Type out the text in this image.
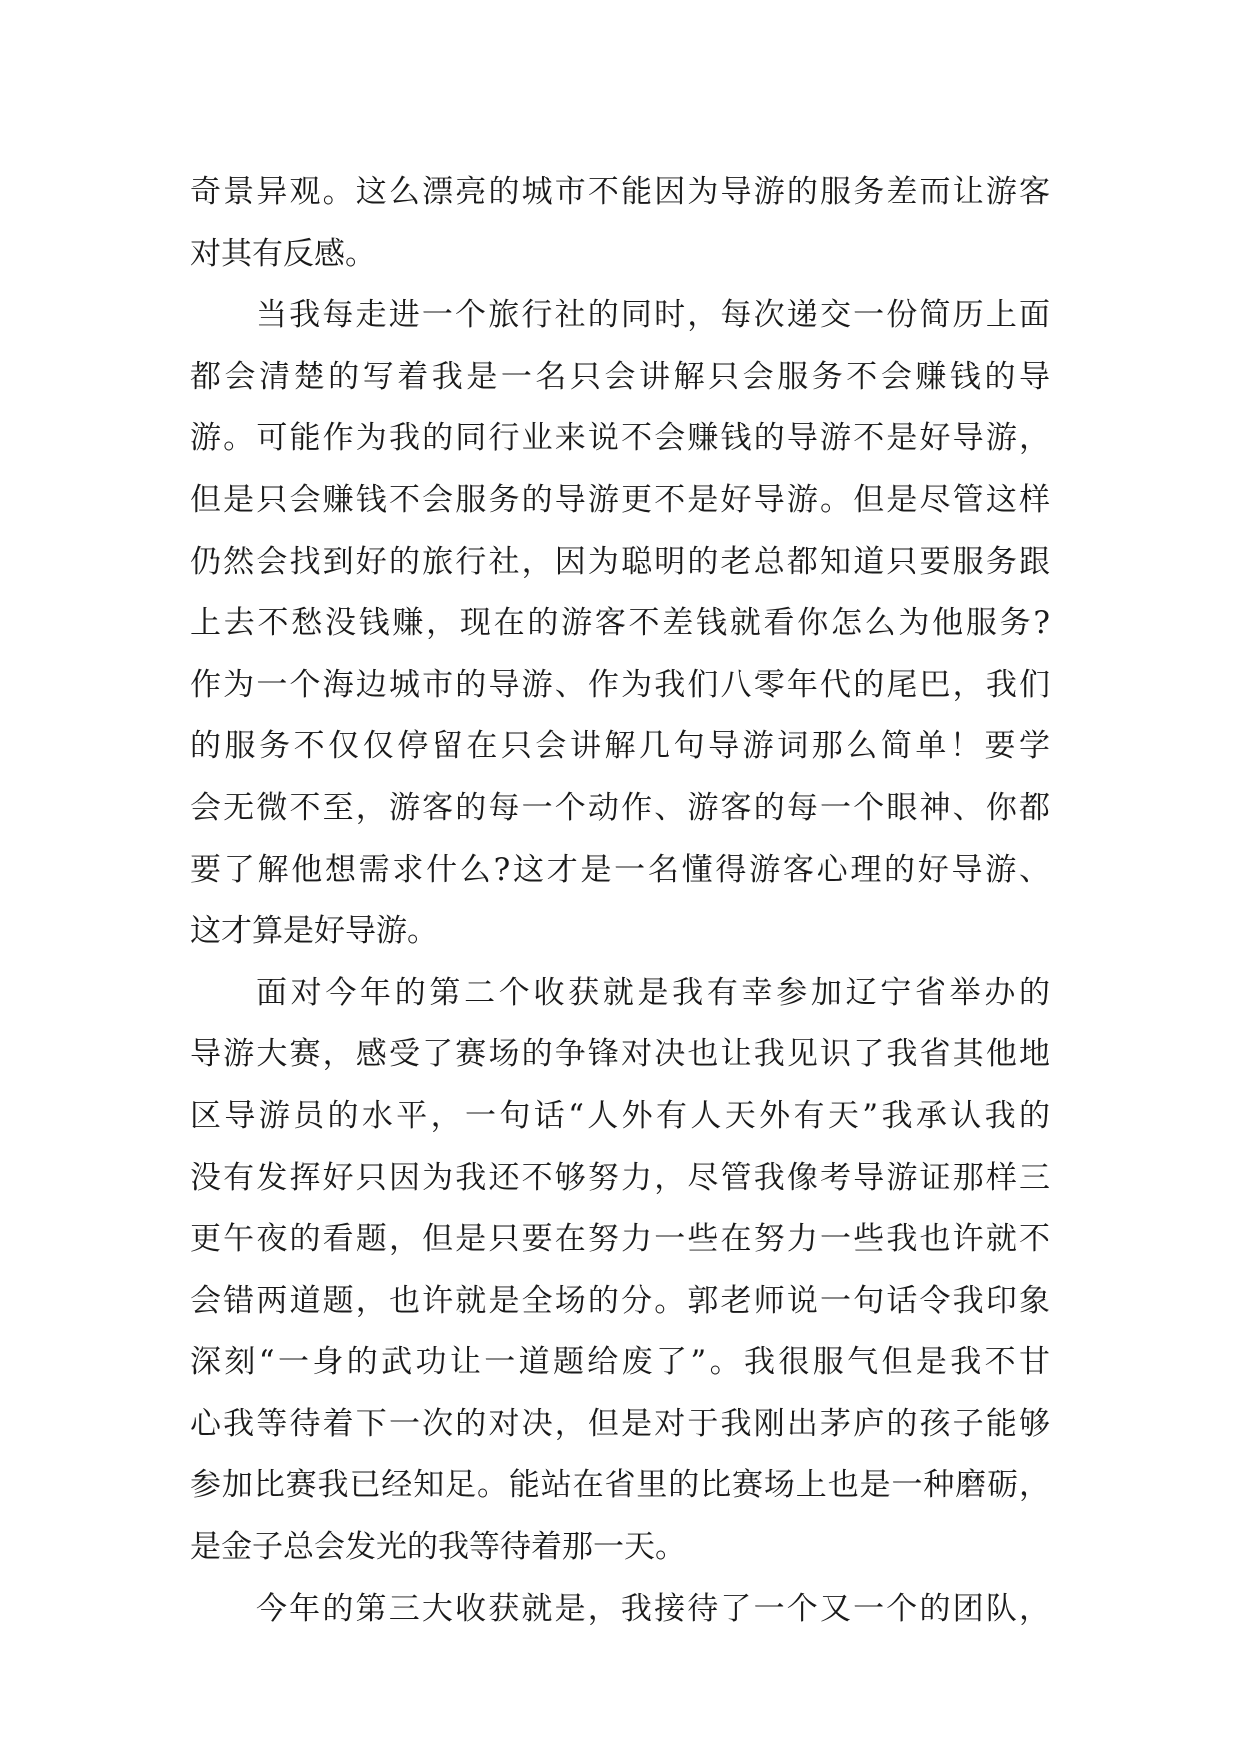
奇景异观。这么漂亮的城市不能因为导游的服务差而让游客
对其有反感。
当我每走进一个旅行社的同时，每次递交一份简历上面
都会清楚的写着我是一名只会讲解只会服务不会赚钱的导
游。可能作为我的同行业来说不会赚钱的导游不是好导游，
但是只会赚钱不会服务的导游更不是好导游。但是尽管这样
仍然会找到好的旅行社，因为聪明的老总都知道只要服务跟
上去不愁没钱赚，现在的游客不差钱就看你怎么为他服务?
作为一个海边城市的导游、作为我们八零年代的尾巴，我们
的服务不仅仅停留在只会讲解几句导游词那么简单！要学
会无微不至，游客的每一个动作、游客的每一个眼神、你都
要了解他想需求什么?这才是一名懂得游客心理的好导游、
这才算是好导游。
面对今年的第二个收获就是我有幸参加辽宁省举办的
导游大赛，感受了赛场的争锋对决也让我见识了我省其他地
区导游员的水平，一句话“人外有人天外有天”我承认我的
没有发挥好只因为我还不够努力，尽管我像考导游证那样三
更午夜的看题，但是只要在努力一些在努力一些我也许就不
会错两道题，也许就是全场的分。郭老师说一句话令我印象
深刻“一身的武功让一道题给废了”。我很服气但是我不甘
心我等待着下一次的对决，但是对于我刚出茅庐的孩子能够
参加比赛我已经知足。能站在省里的比赛场上也是一种磨砺，
是金子总会发光的我等待着那一天。
今年的第三大收获就是，我接待了一个又一个的团队，
